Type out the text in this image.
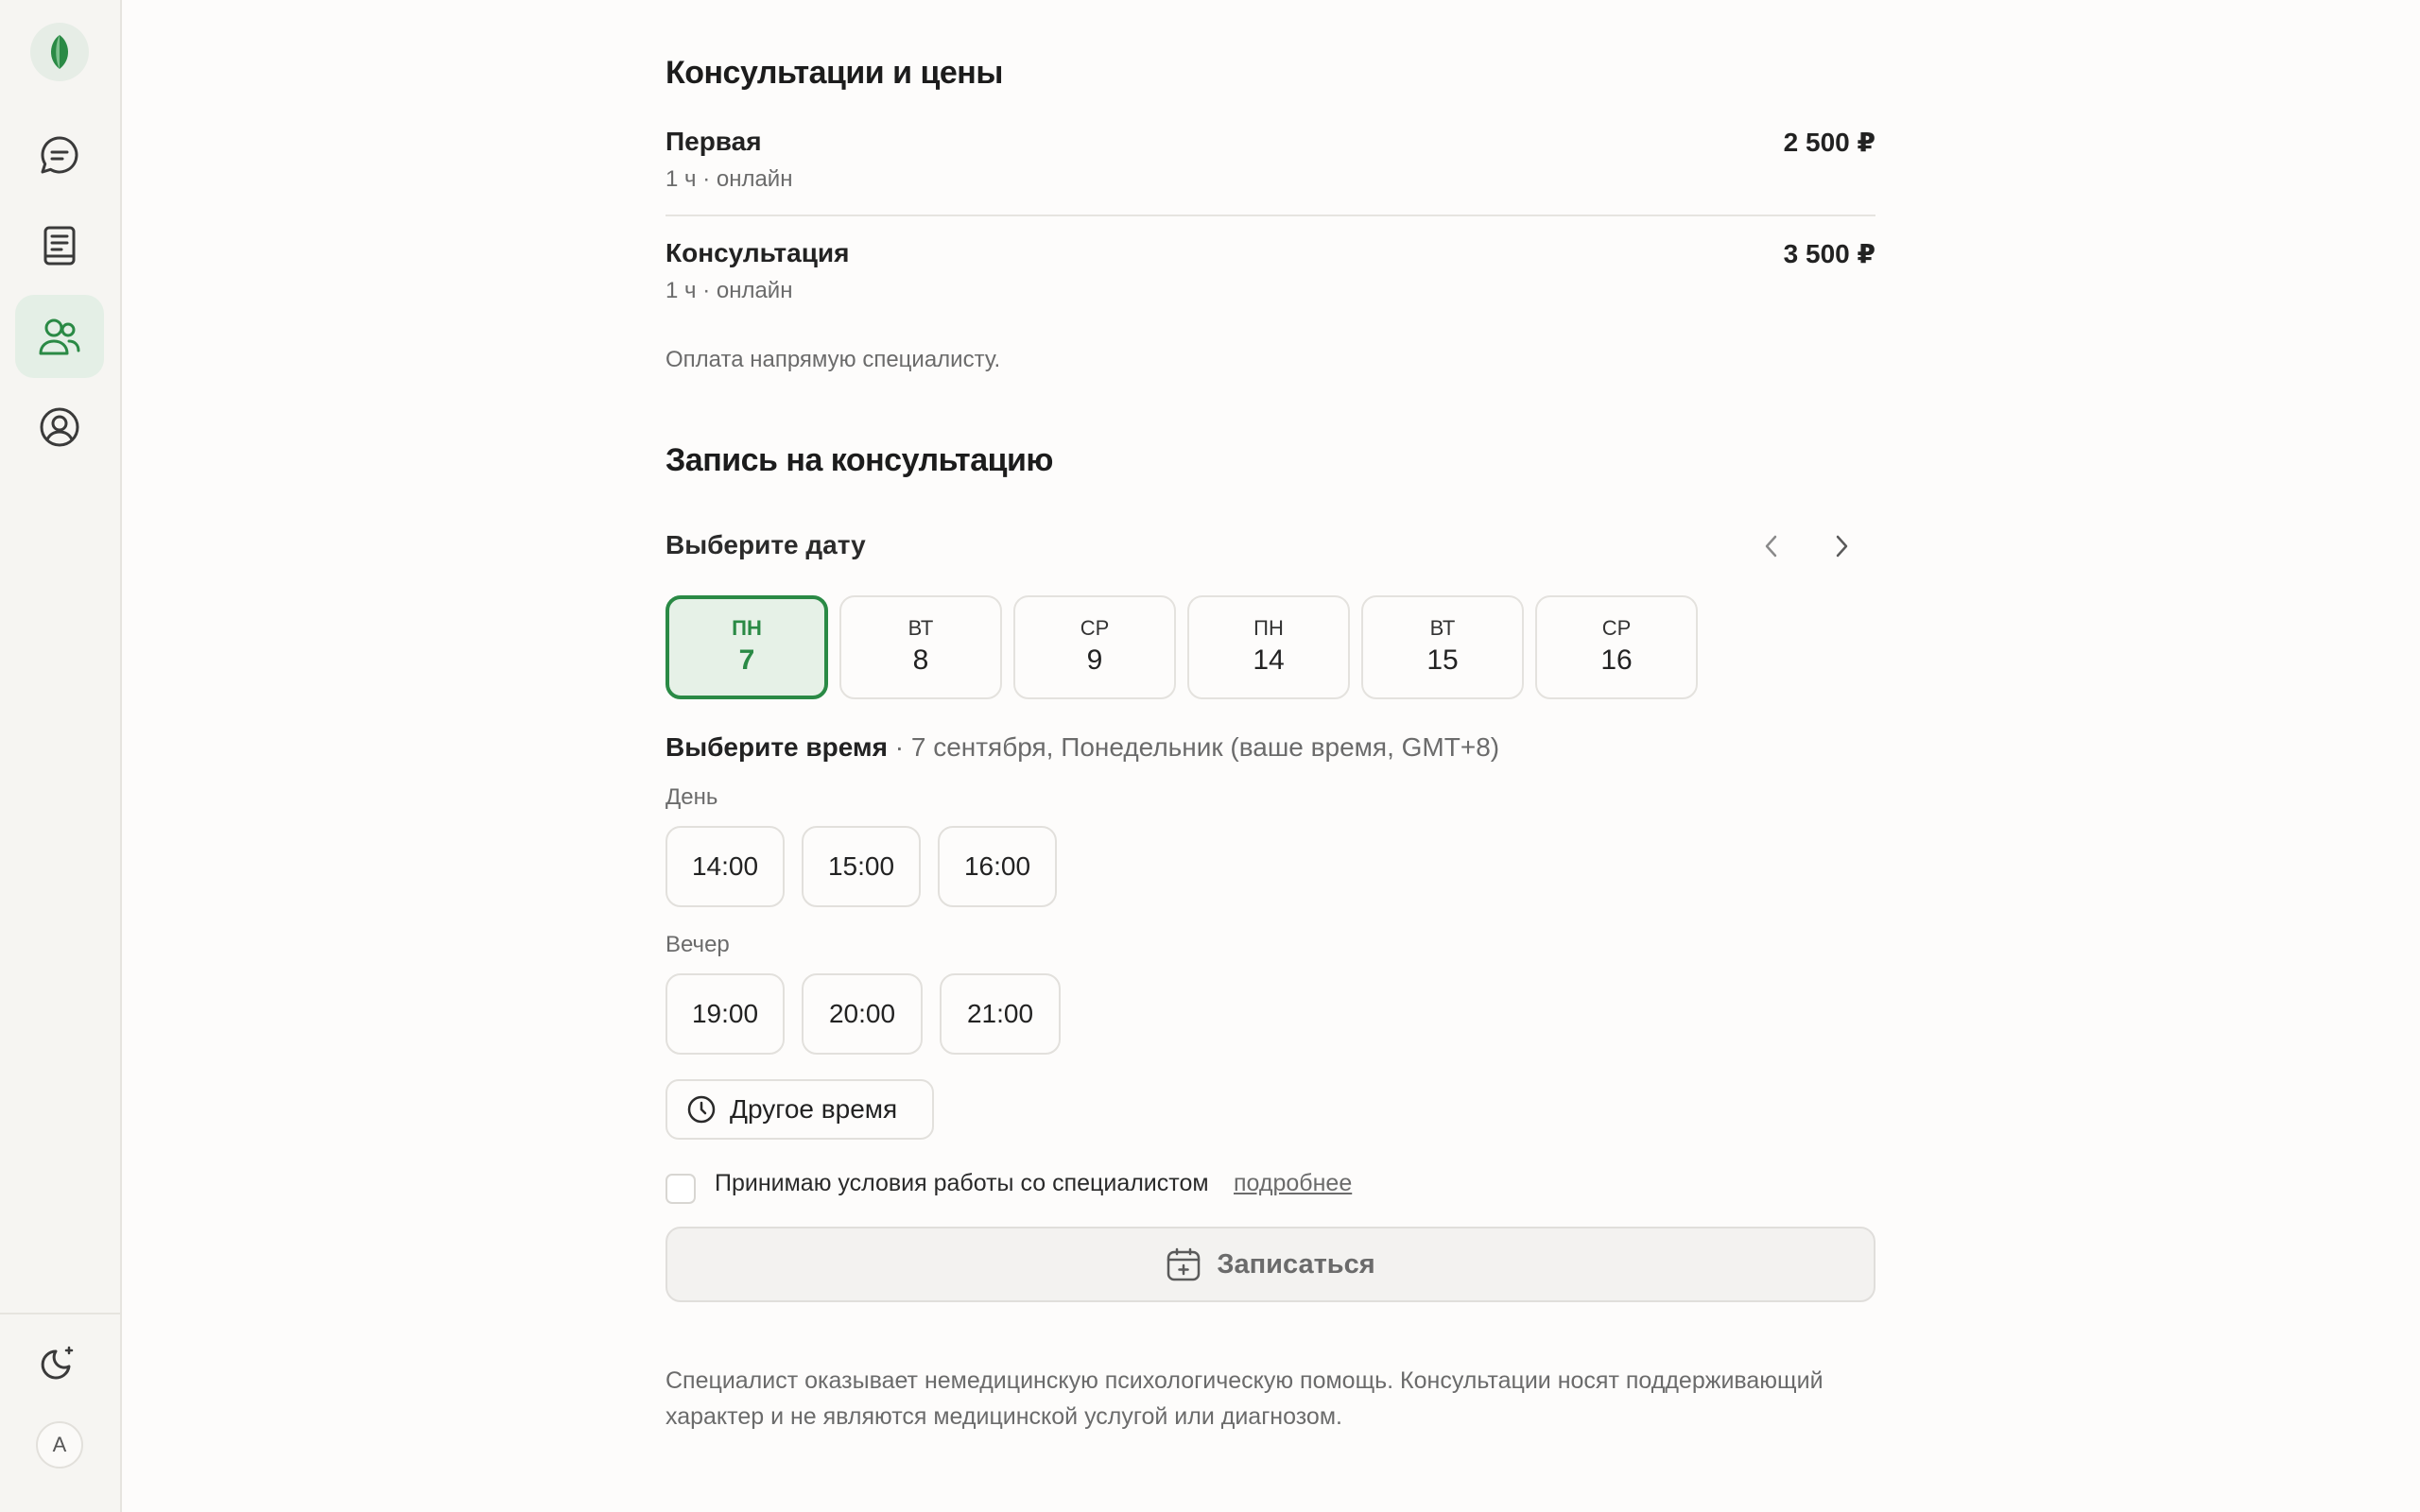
A
Консультации и цены
Первая
1 ч · онлайн
2 500 ₽
Консультация
1 ч · онлайн
3 500 ₽
Оплата напрямую специалисту.
Запись на консультацию
Выберите дату
ПН
7
ВТ
8
СР
9
ПН
14
ВТ
15
СР
16
Выберите время · 7 сентября, Понедельник (ваше время, GMT+8)
День
14:00	15:00	16:00
Вечер
19:00	20:00	21:00
Другое время
Принимаю условия работы со специалистом подробнее
Записаться
Специалист оказывает немедицинскую психологическую помощь. Консультации носят поддерживающий характер и не являются медицинской услугой или диагнозом.
